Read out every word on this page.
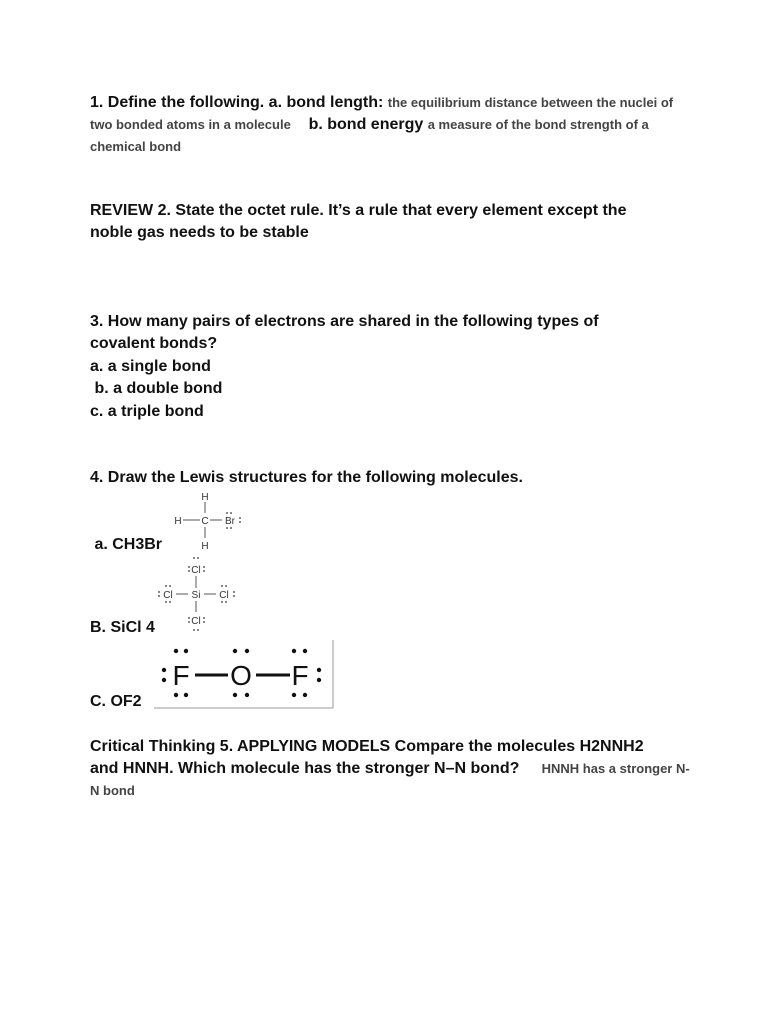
1. Define the following. a. bond length: the equilibrium distance between the nuclei of two bonded atoms in a molecule b. bond energy a measure of the bond strength of a chemical bond
REVIEW 2. State the octet rule. It’s a rule that every element except the
noble gas needs to be stable
3. How many pairs of electrons are shared in the following types of
covalent bonds?
a. a single bond
b. a double bond
c. a triple bond
4. Draw the Lewis structures for the following molecules.
a. CH3Br
H
H C Br
H
B. SiCl 4
Cl
Cl Si Cl
Cl
C. OF2
F O F
Critical Thinking 5. APPLYING MODELS Compare the molecules H2NNH2
and HNNH. Which molecule has the stronger N–N bond? HNNH has a stronger N-N bond
